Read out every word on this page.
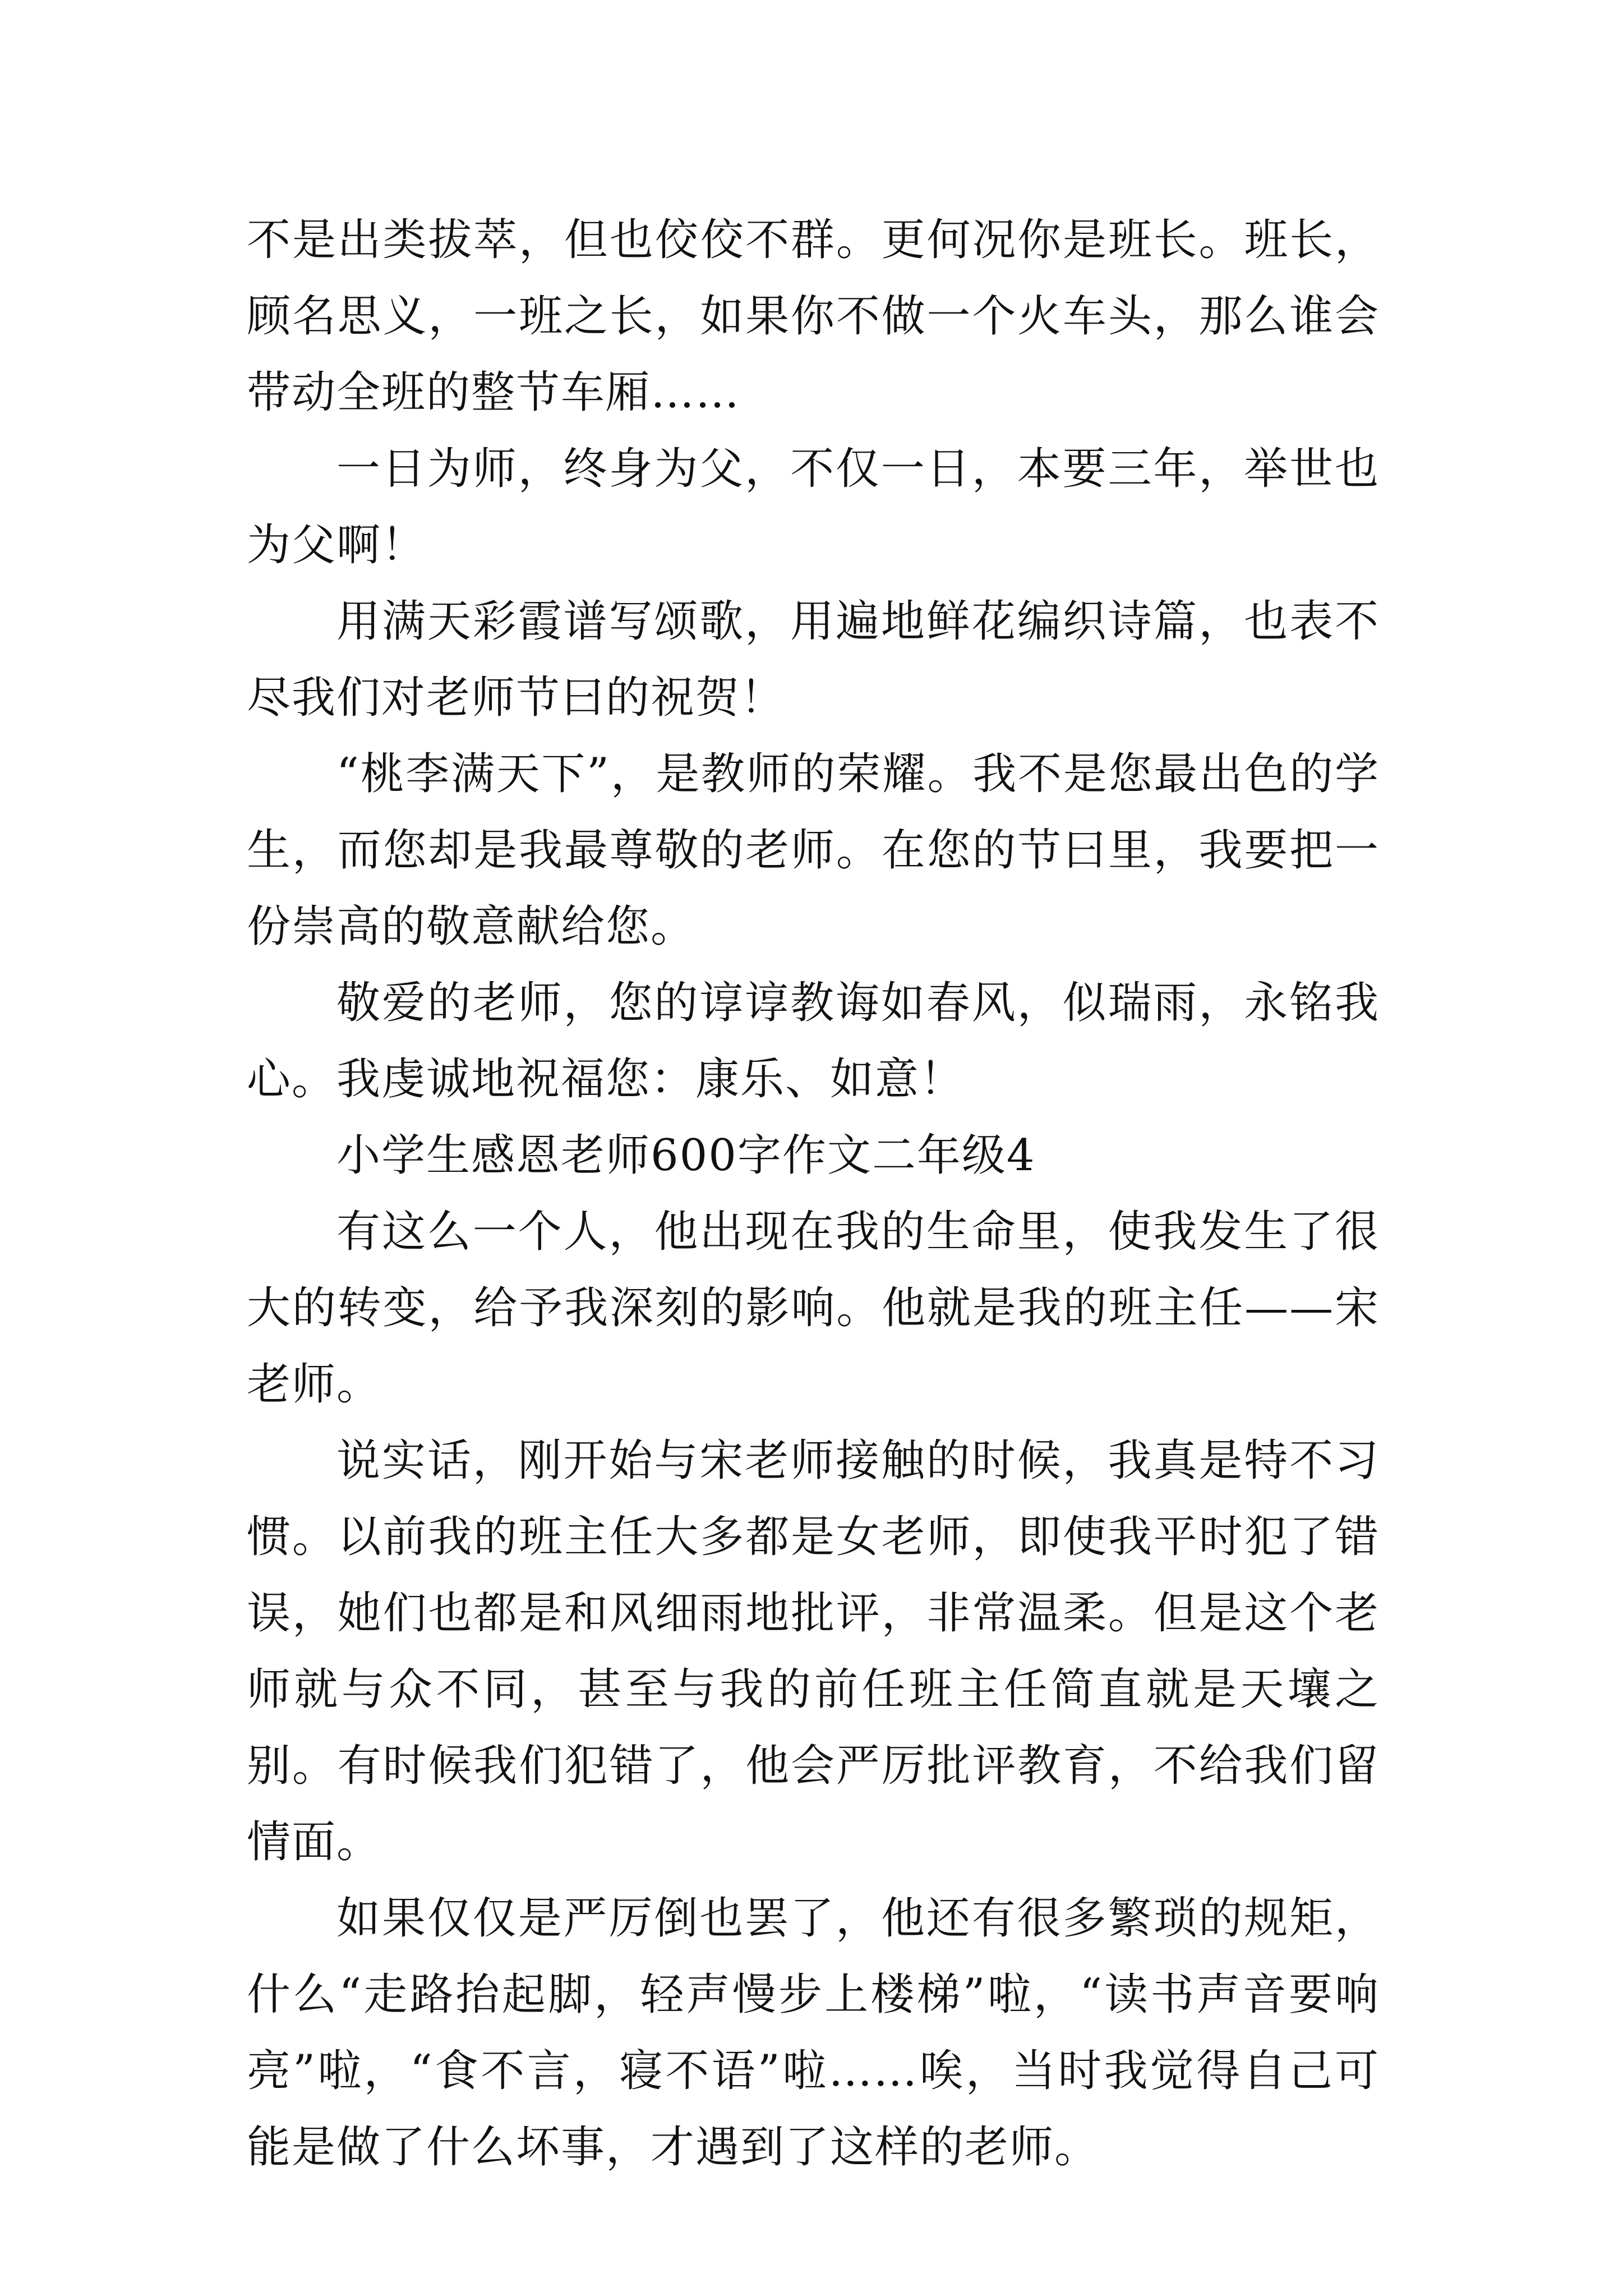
不是出类拔萃，但也佼佼不群。更何况你是班长。班长，顾名思义，一班之长，如果你不做一个火车头，那么谁会带动全班的整节车厢……

一日为师，终身为父，不仅一日，本要三年，举世也为父啊！

用满天彩霞谱写颂歌，用遍地鲜花编织诗篇，也表不尽我们对老师节曰的祝贺！

“桃李满天下”，是教师的荣耀。我不是您最出色的学生，而您却是我最尊敬的老师。在您的节曰里，我要把一份崇高的敬意献给您。

敬爱的老师，您的谆谆教诲如春风，似瑞雨，永铭我心。我虔诚地祝福您：康乐、如意！

小学生感恩老师600字作文二年级4

有这么一个人，他出现在我的生命里，使我发生了很大的转变，给予我深刻的影响。他就是我的班主任——宋老师。

说实话，刚开始与宋老师接触的时候，我真是特不习惯。以前我的班主任大多都是女老师，即使我平时犯了错误，她们也都是和风细雨地批评，非常温柔。但是这个老师就与众不同，甚至与我的前任班主任简直就是天壤之别。有时候我们犯错了，他会严厉批评教育，不给我们留情面。

如果仅仅是严厉倒也罢了，他还有很多繁琐的规矩，什么“走路抬起脚，轻声慢步上楼梯”啦，“读书声音要响亮”啦，“食不言，寝不语”啦……唉，当时我觉得自己可能是做了什么坏事，才遇到了这样的老师。
